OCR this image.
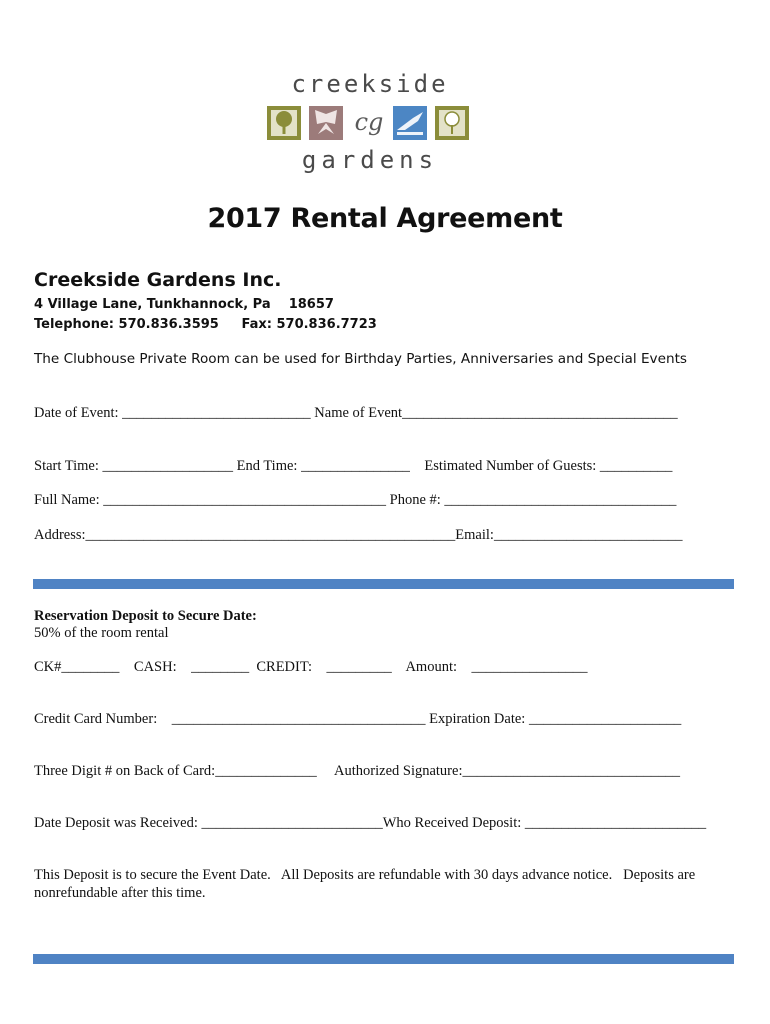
creekside
cg
gardens
2017 Rental Agreement
Creekside Gardens Inc.
4 Village Lane, Tunkhannock, Pa    18657
Telephone: 570.836.3595     Fax: 570.836.7723
The Clubhouse Private Room can be used for Birthday Parties, Anniversaries and Special Events
Date of Event: __________________________ Name of Event______________________________________
Start Time: __________________ End Time: _______________    Estimated Number of Guests: __________
Full Name: _______________________________________ Phone #: ________________________________
Address:___________________________________________________Email:__________________________
Reservation Deposit to Secure Date:
50% of the room rental
CK#________    CASH:    ________  CREDIT:    _________    Amount:    ________________
Credit Card Number:    ___________________________________ Expiration Date: _____________________
Three Digit # on Back of Card:______________     Authorized Signature:______________________________
Date Deposit was Received: _________________________Who Received Deposit: _________________________
This Deposit is to secure the Event Date.   All Deposits are refundable with 30 days advance notice.   Deposits are
nonrefundable after this time.
